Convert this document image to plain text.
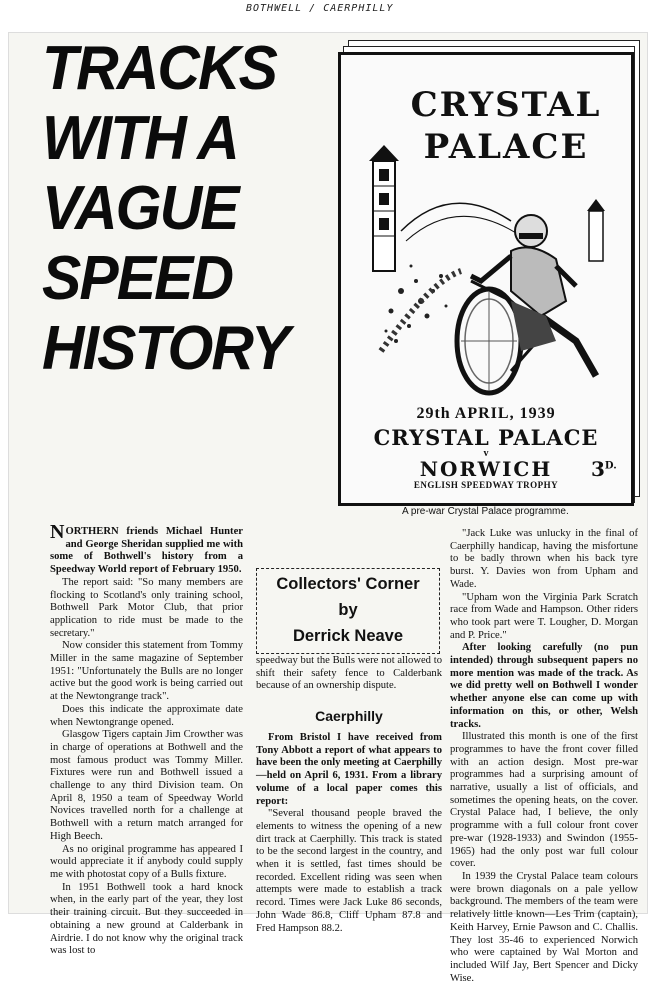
BOTHWELL / CAERPHILLY
TRACKS
WITH A
VAGUE
SPEED
HISTORY
CRYSTAL
PALACE
29th APRIL, 1939
CRYSTAL PALACE
v
NORWICH
ENGLISH SPEEDWAY TROPHY
$3^{D.}$
A pre-war Crystal Palace programme.

NORTHERN friends Michael Hunter and George Sheridan supplied me with some of Bothwell's history from a Speedway World report of February 1950.

The report said: "So many members are flocking to Scotland's only training school, Bothwell Park Motor Club, that prior application to ride must be made to the secretary."

Now consider this statement from Tommy Miller in the same magazine of September 1951: "Unfortunately the Bulls are no longer active but the good work is being carried out at the Newtongrange track".

Does this indicate the approximate date when Newtongrange opened.

Glasgow Tigers captain Jim Crowther was in charge of operations at Bothwell and the most famous product was Tommy Miller. Fixtures were run and Bothwell issued a challenge to any third Division team. On April 8, 1950 a team of Speedway World Novices travelled north for a challenge at Bothwell with a return match arranged for High Beech.

As no original programme has appeared I would appreciate it if anybody could supply me with photostat copy of a Bulls fixture.

In 1951 Bothwell took a hard knock when, in the early part of the year, they lost their training circuit. But they succeeded in obtaining a new ground at Calderbank in Airdrie. I do not know why the original track was lost to

Collectors' Corner
by
Derrick Neave

speedway but the Bulls were not allowed to shift their safety fence to Calderbank because of an ownership dispute.

Caerphilly

From Bristol I have received from Tony Abbott a report of what appears to have been the only meeting at Caerphilly—held on April 6, 1931. From a library volume of a local paper comes this report:

"Several thousand people braved the elements to witness the opening of a new dirt track at Caerphilly. This track is stated to be the second largest in the country, and when it is settled, fast times should be recorded. Excellent riding was seen when attempts were made to establish a track record. Times were Jack Luke 86 seconds, John Wade 86.8, Cliff Upham 87.8 and Fred Hampson 88.2.

"Jack Luke was unlucky in the final of Caerphilly handicap, having the misfortune to be badly thrown when his back tyre burst. Y. Davies won from Upham and Wade.

"Upham won the Virginia Park Scratch race from Wade and Hampson. Other riders who took part were T. Lougher, D. Morgan and P. Price."

After looking carefully (no pun intended) through subsequent papers no more mention was made of the track. As we did pretty well on Bothwell I wonder whether anyone else can come up with information on this, or other, Welsh tracks.

Illustrated this month is one of the first programmes to have the front cover filled with an action design. Most pre-war programmes had a surprising amount of narrative, usually a list of officials, and sometimes the opening heats, on the cover. Crystal Palace had, I believe, the only programme with a full colour front cover pre-war (1928-1933) and Swindon (1955-1965) had the only post war full colour cover.

In 1939 the Crystal Palace team colours were brown diagonals on a pale yellow background. The members of the team were relatively little known—Les Trim (captain), Keith Harvey, Ernie Pawson and C. Challis. They lost 35-46 to experienced Norwich who were captained by Wal Morton and included Wilf Jay, Bert Spencer and Dicky Wise.
